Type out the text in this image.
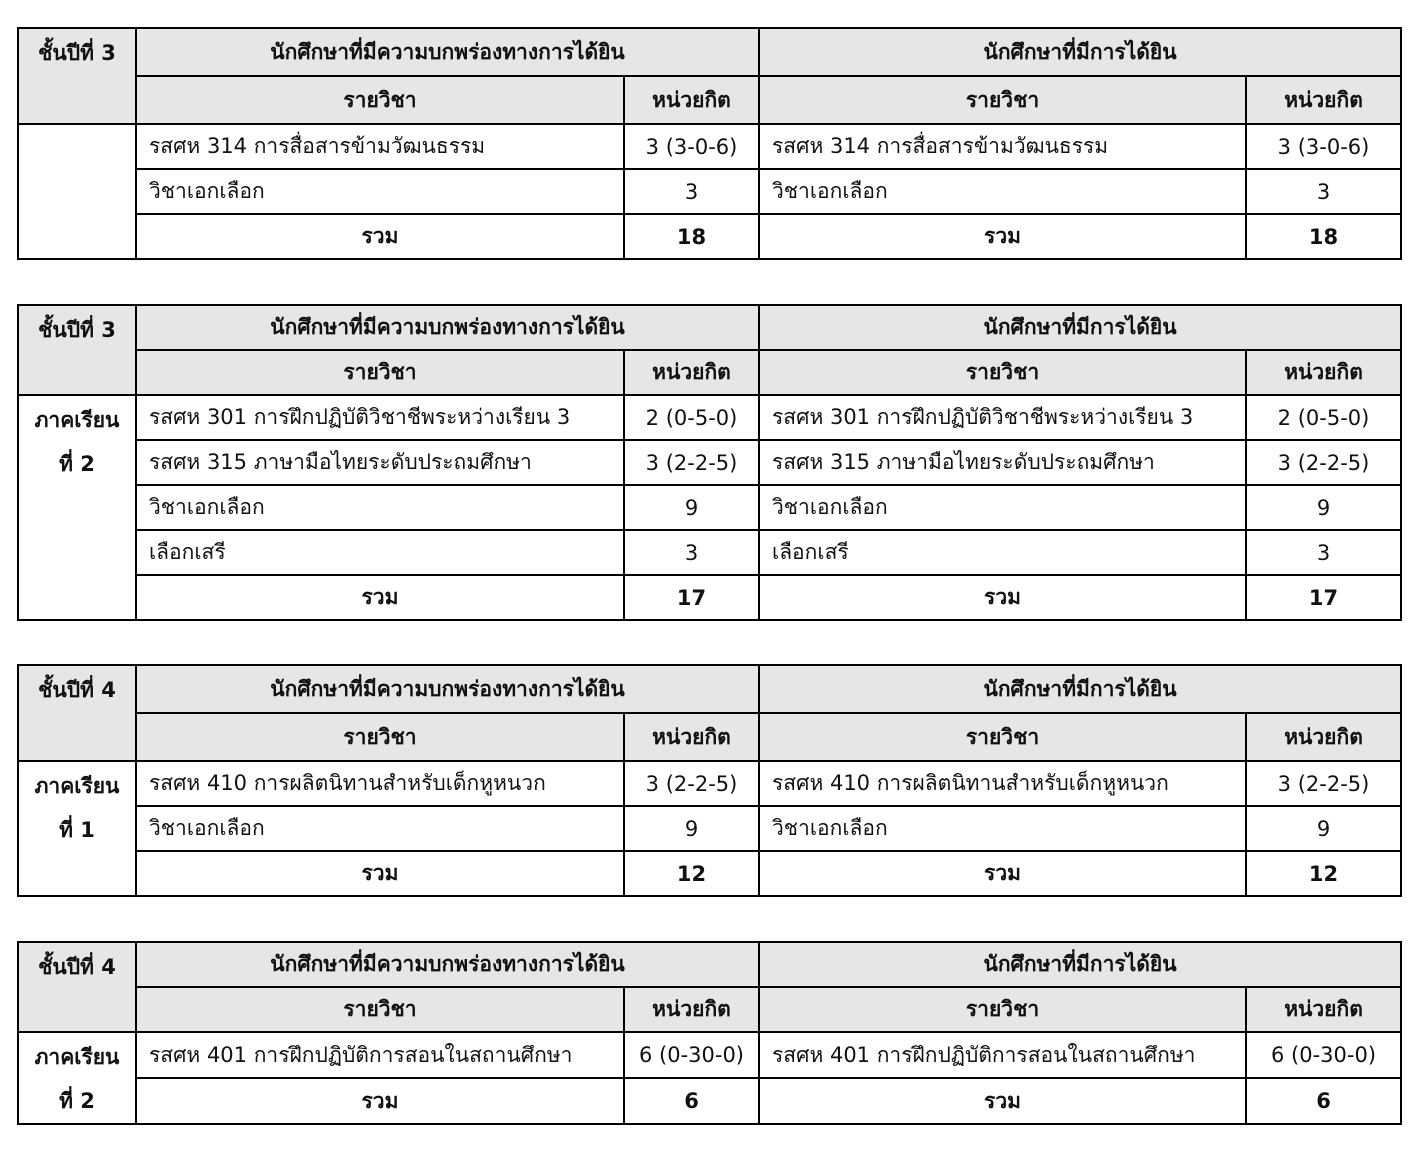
ชั้นปีที่ 3	นักศึกษาที่มีความบกพร่องทางการได้ยิน		นักศึกษาที่มีการได้ยิน	
	รายวิชา	หน่วยกิต	รายวิชา	หน่วยกิต

	รสศห 314 การสื่อสารข้ามวัฒนธรรม	3 (3-0-6)	รสศห 314 การสื่อสารข้ามวัฒนธรรม	3 (3-0-6)
	วิชาเอกเลือก	3	วิชาเอกเลือก	3
	รวม	18	รวม	18
ชั้นปีที่ 3	นักศึกษาที่มีความบกพร่องทางการได้ยิน		นักศึกษาที่มีการได้ยิน	
	รายวิชา	หน่วยกิต	รายวิชา	หน่วยกิต

ภาคเรียน
ที่ 2	รสศห 301 การฝึกปฏิบัติวิชาชีพระหว่างเรียน 3	2 (0-5-0)	รสศห 301 การฝึกปฏิบัติวิชาชีพระหว่างเรียน 3	2 (0-5-0)
	รสศห 315 ภาษามือไทยระดับประถมศึกษา	3 (2-2-5)	รสศห 315 ภาษามือไทยระดับประถมศึกษา	3 (2-2-5)
	วิชาเอกเลือก	9	วิชาเอกเลือก	9
	เลือกเสรี	3	เลือกเสรี	3
	รวม	17	รวม	17
ชั้นปีที่ 4	นักศึกษาที่มีความบกพร่องทางการได้ยิน		นักศึกษาที่มีการได้ยิน	
	รายวิชา	หน่วยกิต	รายวิชา	หน่วยกิต

ภาคเรียน
ที่ 1	รสศห 410 การผลิตนิทานสำหรับเด็กหูหนวก	3 (2-2-5)	รสศห 410 การผลิตนิทานสำหรับเด็กหูหนวก	3 (2-2-5)
	วิชาเอกเลือก	9	วิชาเอกเลือก	9
	รวม	12	รวม	12
ชั้นปีที่ 4	นักศึกษาที่มีความบกพร่องทางการได้ยิน		นักศึกษาที่มีการได้ยิน	
	รายวิชา	หน่วยกิต	รายวิชา	หน่วยกิต

ภาคเรียน
ที่ 2	รสศห 401 การฝึกปฏิบัติการสอนในสถานศึกษา	6 (0-30-0)	รสศห 401 การฝึกปฏิบัติการสอนในสถานศึกษา	6 (0-30-0)
	รวม	6	รวม	6
